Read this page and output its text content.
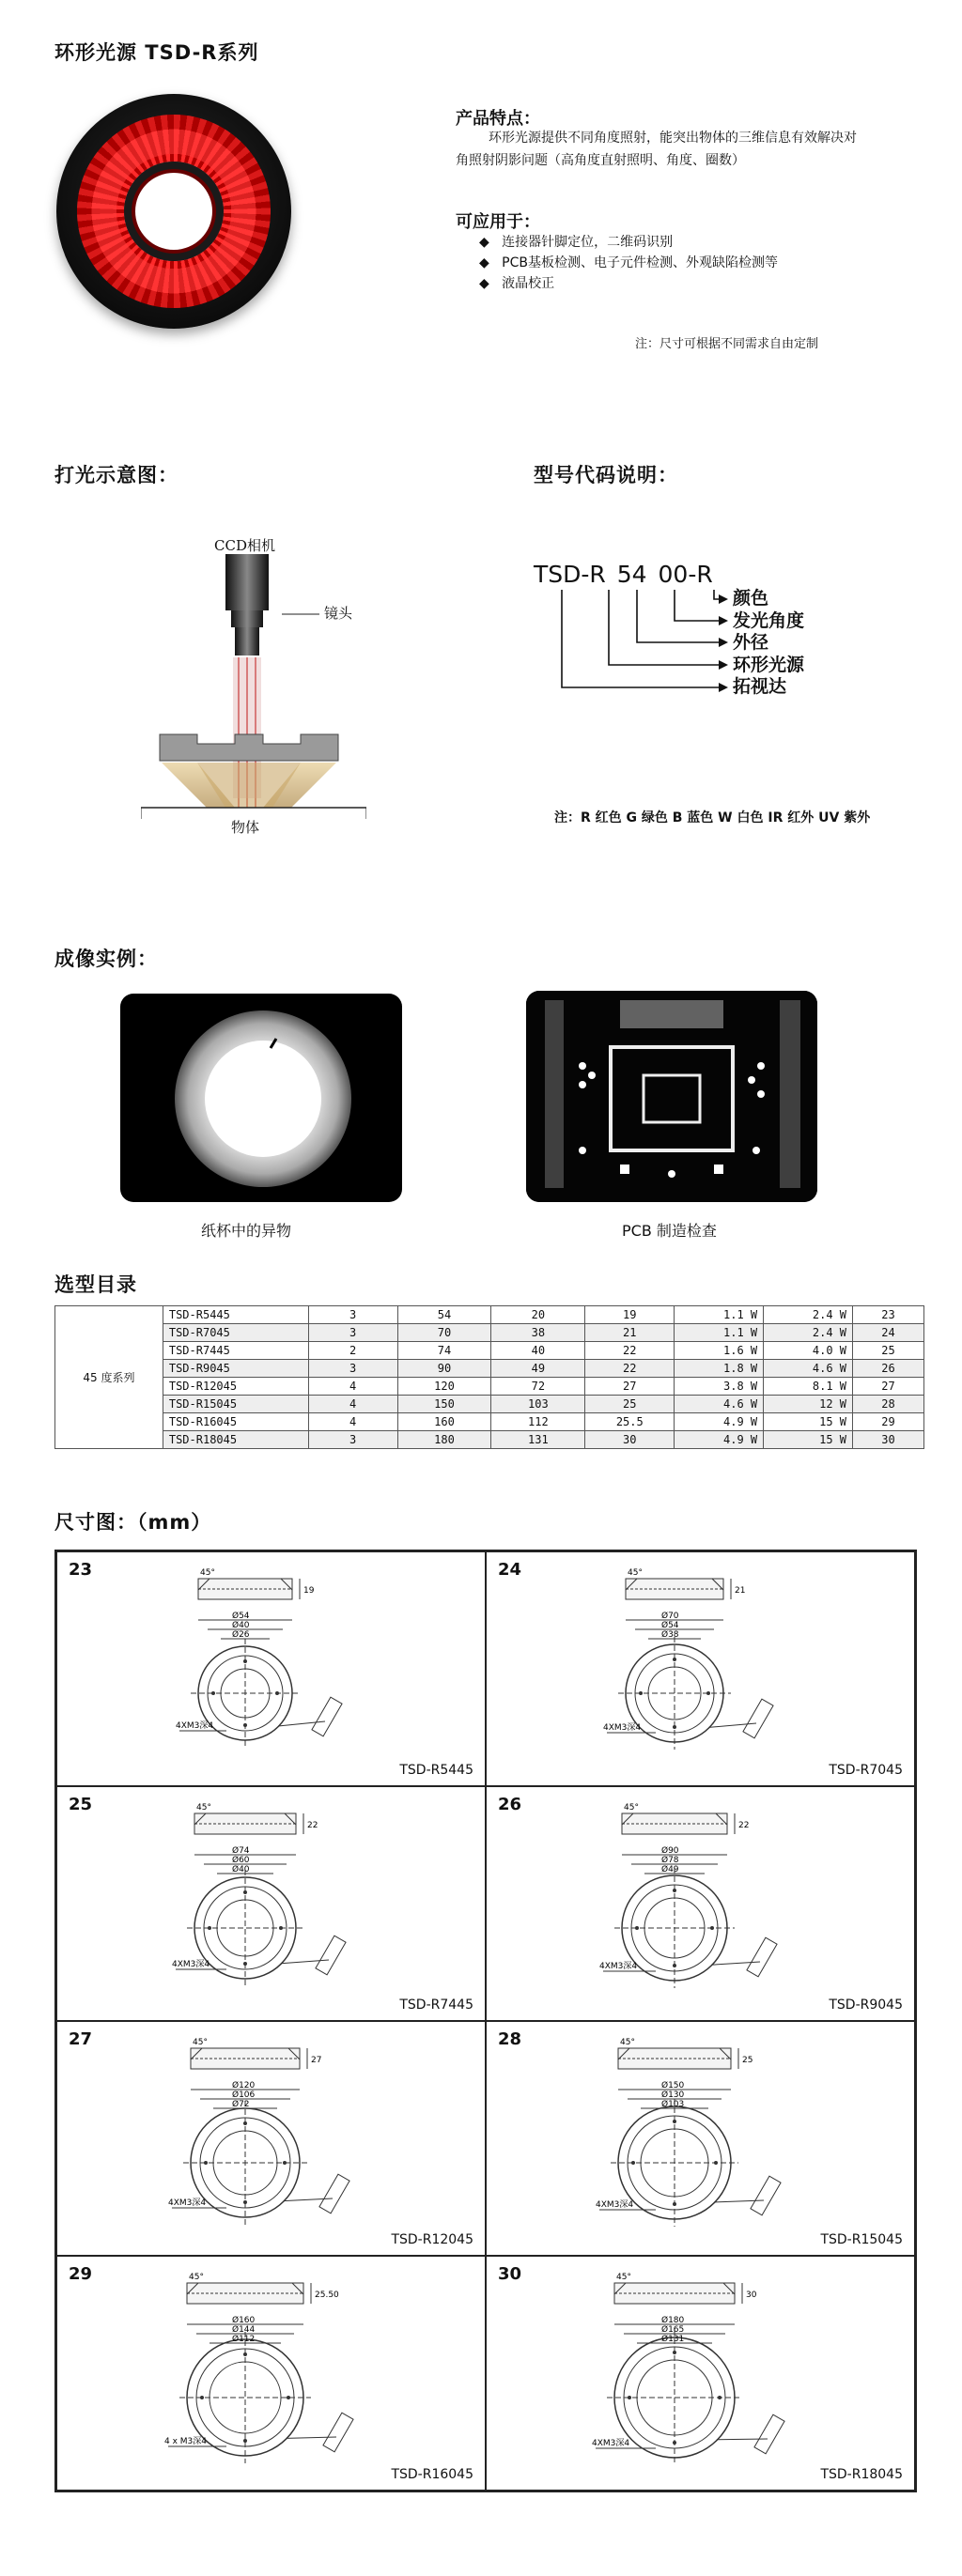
环形光源 TSD-R系列
产品特点：
环形光源提供不同角度照射，能突出物体的三维信息有效解决对
角照射阴影问题（高角度直射照明、角度、圈数）
可应用于：
◆   连接器针脚定位，二维码识别
◆   PCB基板检测、电子元件检测、外观缺陷检测等
◆   液晶校正
注：尺寸可根据不同需求自由定制
打光示意图：
CCD相机
镜头
物体
型号代码说明：
TSD-R 54 00-R
颜色
发光角度
外径
环形光源
拓视达
注：R 红色 G 绿色 B 蓝色 W 白色 IR 红外 UV 紫外
成像实例：
纸杯中的异物	PCB 制造检查
选型目录
45 度系列	TSD-R5445	3	54	20	19	1.1 W	2.4 W	23
	TSD-R7045	3	70	38	21	1.1 W	2.4 W	24
	TSD-R7445	2	74	40	22	1.6 W	4.0 W	25
	TSD-R9045	3	90	49	22	1.8 W	4.6 W	26
	TSD-R12045	4	120	72	27	3.8 W	8.1 W	27
	TSD-R15045	4	150	103	25	4.6 W	12 W	28
	TSD-R16045	4	160	112	25.5	4.9 W	15 W	29
	TSD-R18045	3	180	131	30	4.9 W	15 W	30
尺寸图：（mm）
23
TSD-R5445
45°
19
Ø54
Ø40
Ø26
4XM3深4
24
TSD-R7045
45°
21
Ø70
Ø54
Ø38
4XM3深4
25
TSD-R7445
45°
22
Ø74
Ø60
Ø40
4XM3深4
26
TSD-R9045
45°
22
Ø90
Ø78
Ø49
4XM3深4
27
TSD-R12045
45°
27
Ø120
Ø106
Ø72
4XM3深4
28
TSD-R15045
45°
25
Ø150
Ø130
Ø103
4XM3深4
29
TSD-R16045
45°
25.50
Ø160
Ø144
Ø112
4 x M3深4
30
TSD-R18045
45°
30
Ø180
Ø165
Ø131
4XM3深4
